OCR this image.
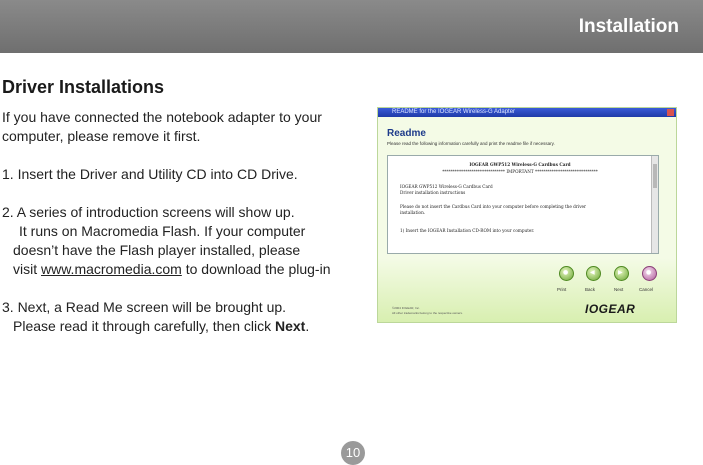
Installation
Driver Installations

If you have connected the notebook adapter to your

computer, please remove it first.

1. Insert the Driver and Utility CD into CD Drive.

2. A series of introduction screens will show up.

It runs on Macromedia Flash. If your computer

doesn’t have the Flash player installed, please

visit www.macromedia.com to download the plug-in

3. Next, a Read Me screen will be brought up.

Please read it through carefully, then click Next.

README for the IOGEAR Wireless-G Adapter
Readme
Please read the following information carefully and print the readme file if necessary.
IOGEAR GWP512 Wireless-G Cardbus Card
****************************** IMPORTANT ******************************
IOGEAR GWP512 Wireless-G Cardbus Card
Driver installation instructions
Please do not insert the Cardbus Card into your computer before completing the driver
installation.
1) Insert the IOGEAR Installation CD-ROM into your computer.
●	◀	▶	●
Print	Back	Next	Cancel
©2004 IOGEAR, Inc.
All other trademarks belong to the respective owners.	IOGEAR
10
